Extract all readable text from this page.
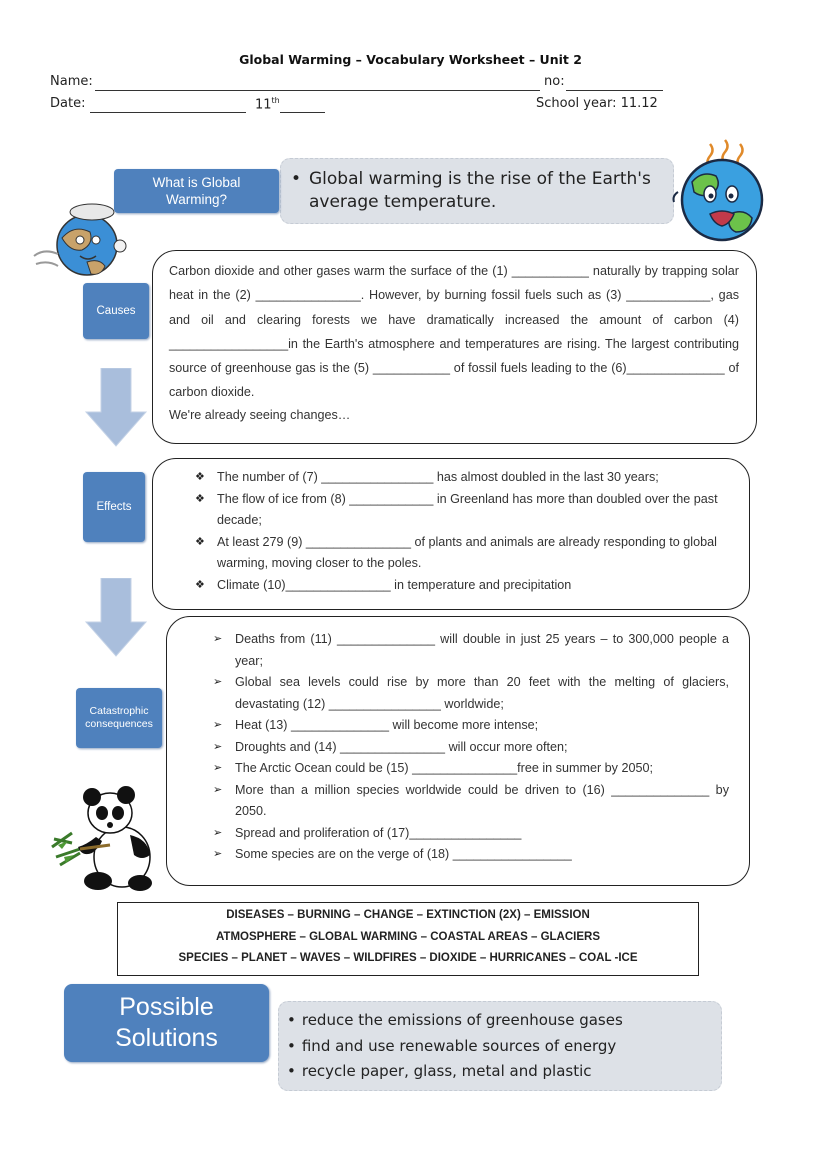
Global Warming – Vocabulary Worksheet – Unit 2
Name:	no:
Date:	11th	School year: 11.12
• Global warming is the rise of the Earth's average temperature.
What is Global Warming?
Carbon dioxide and other gases warm the surface of the (1) ___________ naturally by trapping solar heat in the (2) _______________. However, by burning fossil fuels such as (3) ____________, gas and oil and clearing forests we have dramatically increased the amount of carbon (4) _________________in the Earth's atmosphere and temperatures are rising. The largest contributing source of greenhouse gas is the (5) ___________ of fossil fuels leading to the (6)______________ of carbon dioxide.
We're already seeing changes…
Causes
❖ The number of (7) ________________ has almost doubled in the last 30 years;
❖ The flow of ice from (8) ____________ in Greenland has more than doubled over the past decade;
❖ At least 279 (9) _______________ of plants and animals are already responding to global warming, moving closer to the poles.
❖ Climate (10)_______________ in temperature and precipitation
Effects
➢ Deaths from (11) ______________ will double in just 25 years – to 300,000 people a year;
➢ Global sea levels could rise by more than 20 feet with the melting of glaciers, devastating (12) ________________ worldwide;
➢ Heat (13) ______________ will become more intense;
➢ Droughts and (14) _______________ will occur more often;
➢ The Arctic Ocean could be (15) _______________free in summer by 2050;
➢ More than a million species worldwide could be driven to (16) ______________ by 2050.
➢ Spread and proliferation of (17)________________
➢ Some species are on the verge of (18) _________________
Catastrophic consequences
DISEASES – BURNING – CHANGE – EXTINCTION (2X) – EMISSION
ATMOSPHERE – GLOBAL WARMING – COASTAL AREAS – GLACIERS
SPECIES – PLANET – WAVES – WILDFIRES – DIOXIDE – HURRICANES – COAL -ICE
• reduce the emissions of greenhouse gases
• find and use renewable sources of energy
• recycle paper, glass, metal and plastic
Possible Solutions
